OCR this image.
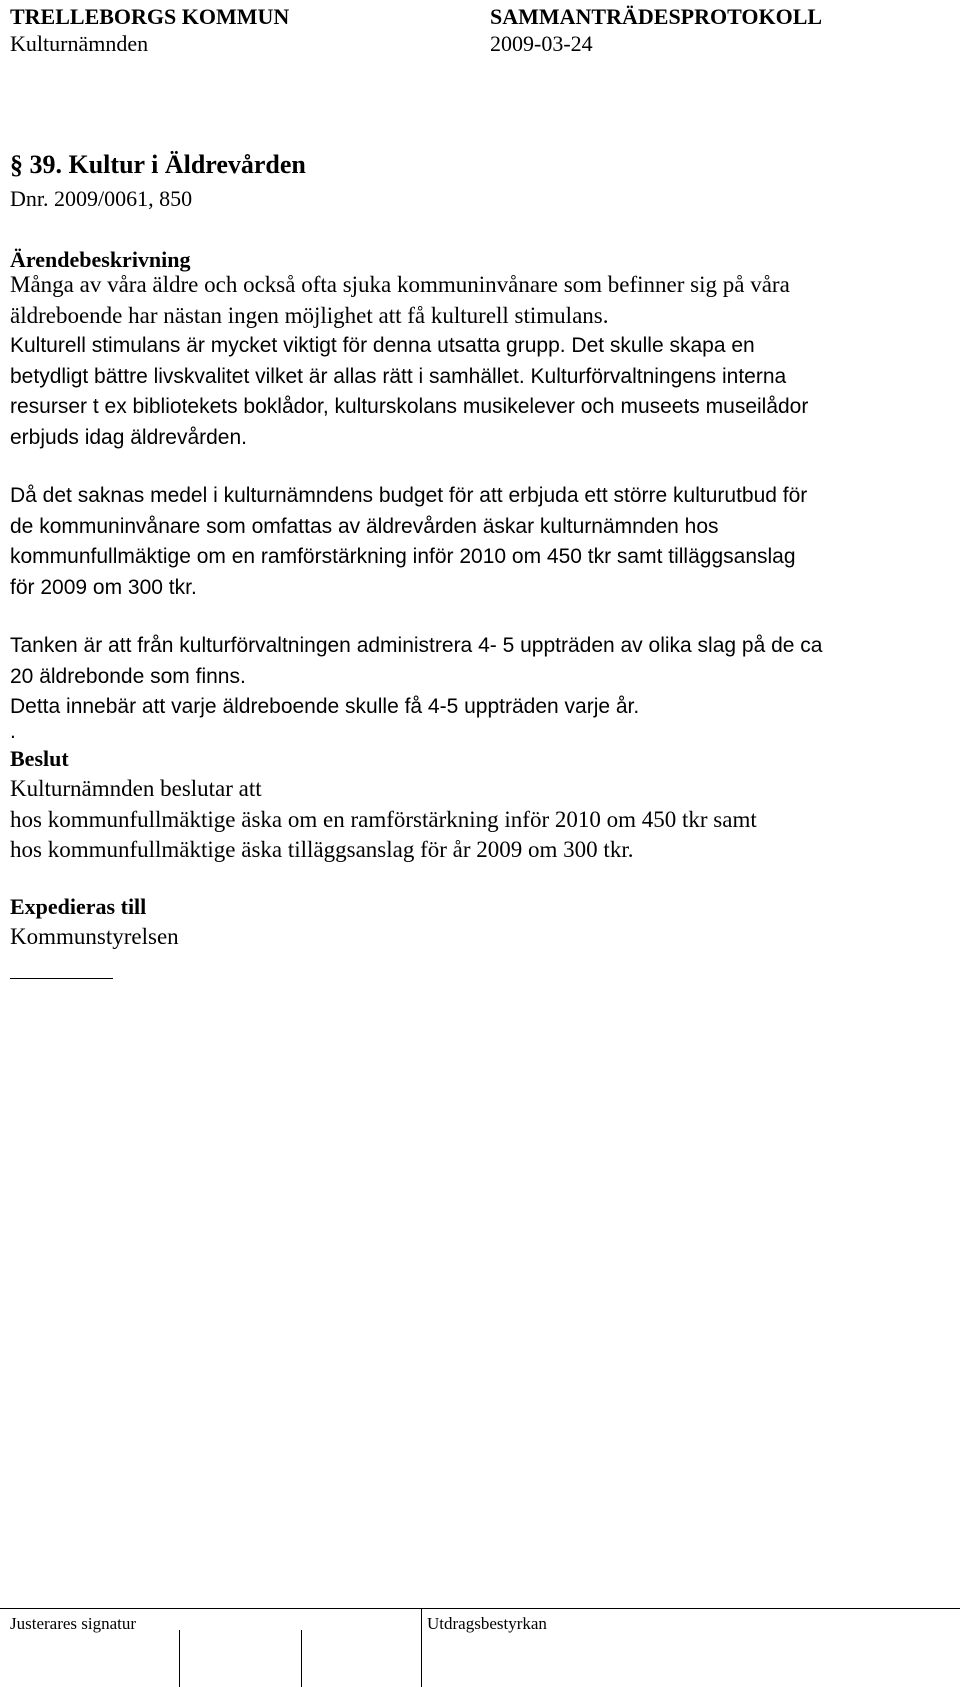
TRELLEBORGS KOMMUN	SAMMANTRÄDESPROTOKOLL
Kulturnämnden	2009-03-24
§ 39. Kultur i Äldrevården
Dnr. 2009/0061, 850
Ärendebeskrivning
Många av våra äldre och också ofta sjuka kommuninvånare som befinner sig på våra
äldreboende har nästan ingen möjlighet att få kulturell stimulans.
Kulturell stimulans är mycket viktigt för denna utsatta grupp. Det skulle skapa en
betydligt bättre livskvalitet vilket är allas rätt i samhället. Kulturförvaltningens interna
resurser t ex bibliotekets boklådor, kulturskolans musikelever och museets museilådor
erbjuds idag äldrevården.
Då det saknas medel i kulturnämndens budget för att erbjuda ett större kulturutbud för
de kommuninvånare som omfattas av äldrevården äskar kulturnämnden hos
kommunfullmäktige om en ramförstärkning inför 2010 om 450 tkr samt tilläggsanslag
för 2009 om 300 tkr.
Tanken är att från kulturförvaltningen administrera 4- 5 uppträden av olika slag på de ca
20 äldrebonde som finns.
Detta innebär att varje äldreboende skulle få 4-5 uppträden varje år.
.
Beslut
Kulturnämnden beslutar att
hos kommunfullmäktige äska om en ramförstärkning inför 2010 om 450 tkr samt
hos kommunfullmäktige äska tilläggsanslag för år 2009 om 300 tkr.
Expedieras till
Kommunstyrelsen
Justerares signatur	Utdragsbestyrkan
